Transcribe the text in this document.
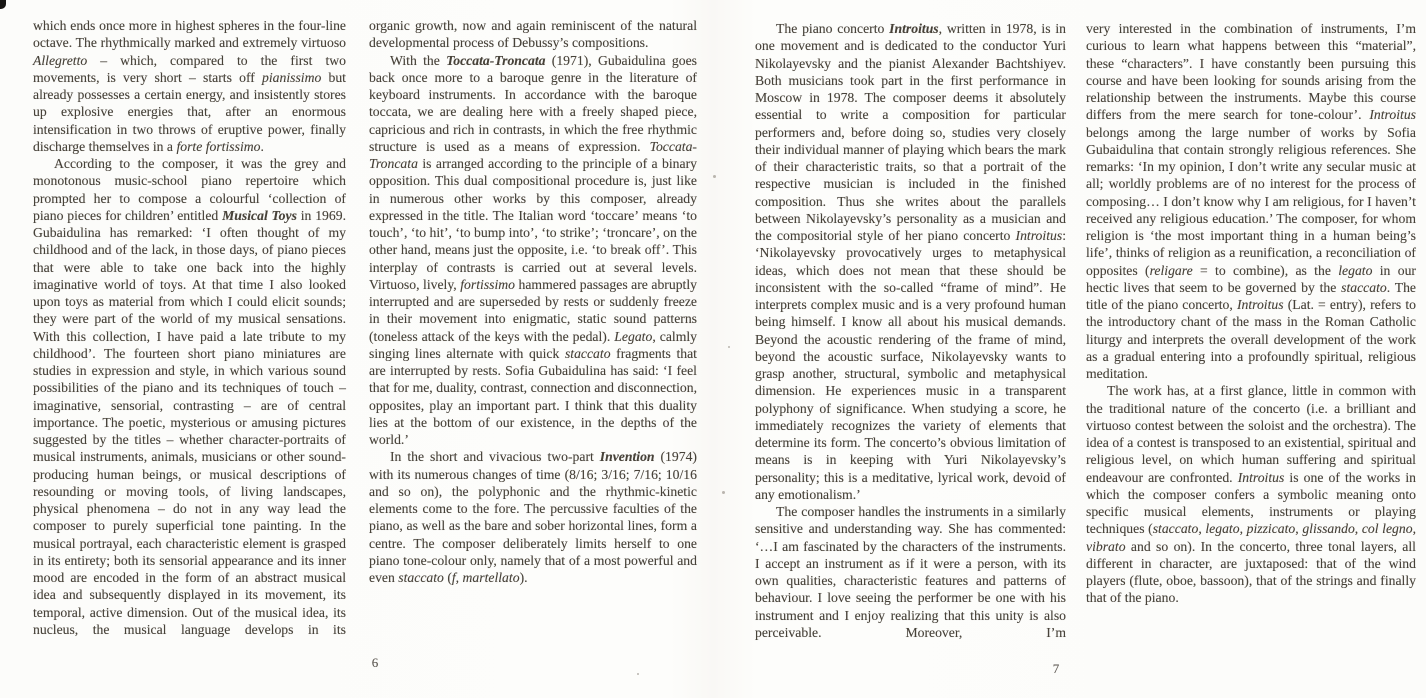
which ends once more in highest spheres in the four-line octave. The rhythmically marked and extremely virtuoso Allegretto – which, compared to the first two movements, is very short – starts off pianissimo but already possesses a certain energy, and insistently stores up explosive energies that, after an enormous intensification in two throws of eruptive power, finally discharge themselves in a forte fortissimo.

According to the composer, it was the grey and monotonous music-school piano repertoire which prompted her to compose a colourful ‘collection of piano pieces for children’ entitled Musical Toys in 1969. Gubaidulina has remarked: ‘I often thought of my childhood and of the lack, in those days, of piano pieces that were able to take one back into the highly imaginative world of toys. At that time I also looked upon toys as material from which I could elicit sounds; they were part of the world of my musical sensations. With this collection, I have paid a late tribute to my childhood’. The fourteen short piano miniatures are studies in expression and style, in which various sound possibilities of the piano and its techniques of touch – imaginative, sensorial, contrasting – are of central importance. The poetic, mysterious or amusing pictures suggested by the titles – whether character-portraits of musical instruments, animals, musicians or other sound-producing human beings, or musical descriptions of resounding or moving tools, of living landscapes, physical phenomena – do not in any way lead the composer to purely superficial tone painting. In the musical portrayal, each characteristic element is grasped in its entirety; both its sensorial appearance and its inner mood are encoded in the form of an abstract musical idea and subsequently displayed in its movement, its temporal, active dimension. Out of the musical idea, its nucleus, the musical language develops in its

organic growth, now and again reminiscent of the natural developmental process of Debussy’s compositions.

With the Toccata-Troncata (1971), Gubaidulina goes back once more to a baroque genre in the literature of keyboard instruments. In accordance with the baroque toccata, we are dealing here with a freely shaped piece, capricious and rich in contrasts, in which the free rhythmic structure is used as a means of expression. Toccata-Troncata is arranged according to the principle of a binary opposition. This dual compositional procedure is, just like in numerous other works by this composer, already expressed in the title. The Italian word ‘toccare’ means ‘to touch’, ‘to hit’, ‘to bump into’, ‘to strike’; ‘troncare’, on the other hand, means just the opposite, i.e. ‘to break off’. This interplay of contrasts is carried out at several levels. Virtuoso, lively, fortissimo hammered passages are abruptly interrupted and are superseded by rests or suddenly freeze in their movement into enigmatic, static sound patterns (toneless attack of the keys with the pedal). Legato, calmly singing lines alternate with quick staccato fragments that are interrupted by rests. Sofia Gubaidulina has said: ‘I feel that for me, duality, contrast, connection and disconnection, opposites, play an important part. I think that this duality lies at the bottom of our existence, in the depths of the world.’

In the short and vivacious two-part Invention (1974) with its numerous changes of time (8/16; 3/16; 7/16; 10/16 and so on), the polyphonic and the rhythmic-kinetic elements come to the fore. The percussive faculties of the piano, as well as the bare and sober horizontal lines, form a centre. The composer deliberately limits herself to one piano tone-colour only, namely that of a most powerful and even staccato (f, martellato).

6

The piano concerto Introitus, written in 1978, is in one movement and is dedicated to the conductor Yuri Nikolayevsky and the pianist Alexander Bachtshiyev. Both musicians took part in the first performance in Moscow in 1978. The composer deems it absolutely essential to write a composition for particular performers and, before doing so, studies very closely their individual manner of playing which bears the mark of their characteristic traits, so that a portrait of the respective musician is included in the finished composition. Thus she writes about the parallels between Nikolayevsky’s personality as a musician and the compositorial style of her piano concerto Introitus: ‘Nikolayevsky provocatively urges to metaphysical ideas, which does not mean that these should be inconsistent with the so-called “frame of mind”. He interprets complex music and is a very profound human being himself. I know all about his musical demands. Beyond the acoustic rendering of the frame of mind, beyond the acoustic surface, Nikolayevsky wants to grasp another, structural, symbolic and metaphysical dimension. He experiences music in a transparent polyphony of significance. When studying a score, he immediately recognizes the variety of elements that determine its form. The concerto’s obvious limitation of means is in keeping with Yuri Nikolayevsky’s personality; this is a meditative, lyrical work, devoid of any emotionalism.’

The composer handles the instruments in a similarly sensitive and understanding way. She has commented: ‘…I am fascinated by the characters of the instruments. I accept an instrument as if it were a person, with its own qualities, characteristic features and patterns of behaviour. I love seeing the performer be one with his instrument and I enjoy realizing that this unity is also perceivable. Moreover, I’m

very interested in the combination of instruments, I’m curious to learn what happens between this “material”, these “characters”. I have constantly been pursuing this course and have been looking for sounds arising from the relationship between the instruments. Maybe this course differs from the mere search for tone-colour’. Introitus belongs among the large number of works by Sofia Gubaidulina that contain strongly religious references. She remarks: ‘In my opinion, I don’t write any secular music at all; worldly problems are of no interest for the process of composing… I don’t know why I am religious, for I haven’t received any religious education.’ The composer, for whom religion is ‘the most important thing in a human being’s life’, thinks of religion as a reunification, a reconciliation of opposites (religare = to combine), as the legato in our hectic lives that seem to be governed by the staccato. The title of the piano concerto, Introitus (Lat. = entry), refers to the introductory chant of the mass in the Roman Catholic liturgy and interprets the overall development of the work as a gradual entering into a profoundly spiritual, religious meditation.

The work has, at a first glance, little in common with the traditional nature of the concerto (i.e. a brilliant and virtuoso contest between the soloist and the orchestra). The idea of a contest is transposed to an existential, spiritual and religious level, on which human suffering and spiritual endeavour are confronted. Introitus is one of the works in which the composer confers a symbolic meaning onto specific musical elements, instruments or playing techniques (staccato, legato, pizzicato, glissando, col legno, vibrato and so on). In the concerto, three tonal layers, all different in character, are juxtaposed: that of the wind players (flute, oboe, bassoon), that of the strings and finally that of the piano.

7
